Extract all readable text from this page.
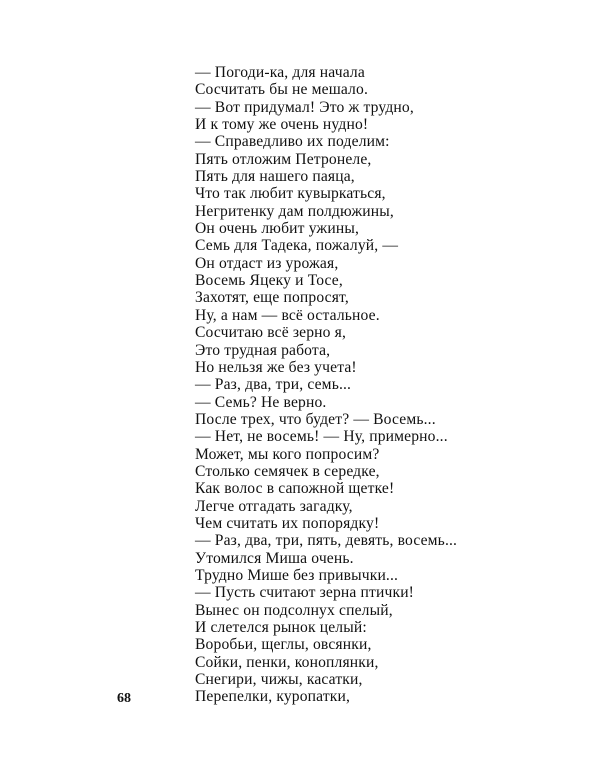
— Погоди-ка, для начала
Сосчитать бы не мешало.
— Вот придумал! Это ж трудно,
И к тому же очень нудно!
— Справедливо их поделим:
Пять отложим Петронеле,
Пять для нашего паяца,
Что так любит кувыркаться,
Негритенку дам полдюжины,
Он очень любит ужины,
Семь для Тадека, пожалуй, —
Он отдаст из урожая,
Восемь Яцеку и Тосе,
Захотят, еще попросят,
Ну, а нам — всё остальное.
Сосчитаю всё зерно я,
Это трудная работа,
Но нельзя же без учета!
— Раз, два, три, семь...
— Семь? Не верно.
После трех, что будет? — Восемь...
— Нет, не восемь! — Ну, примерно...
Может, мы кого попросим?
Столько семячек в середке,
Как волос в сапожной щетке!
Легче отгадать загадку,
Чем считать их попорядку!
— Раз, два, три, пять, девять, восемь...
Утомился Миша очень.
Трудно Мише без привычки...
— Пусть считают зерна птички!
Вынес он подсолнух спелый,
И слетелся рынок целый:
Воробьи, щеглы, овсянки,
Сойки, пенки, коноплянки,
Снегири, чижы, касатки,
Перепелки, куропатки,
68
